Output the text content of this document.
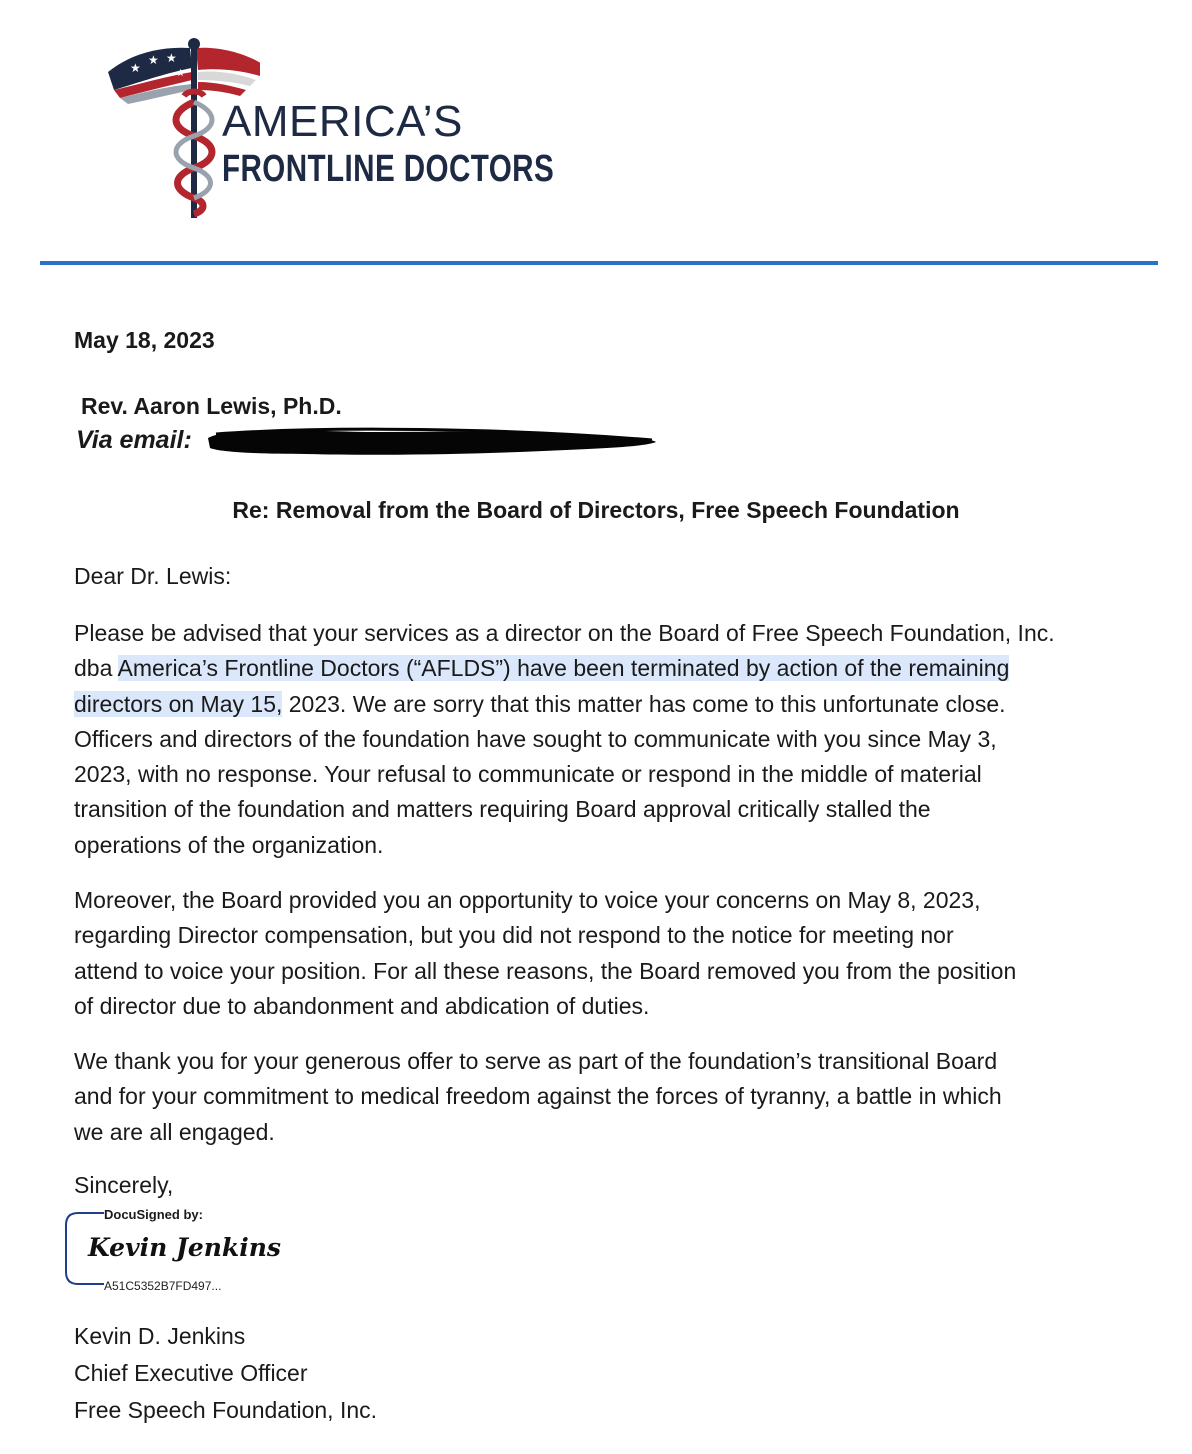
★
★ ★
★
AMERICA’S
FRONTLINE DOCTORS
May 18, 2023
Rev. Aaron Lewis, Ph.D.
Via email:
Re: Removal from the Board of Directors, Free Speech Foundation
Dear Dr. Lewis:
Please be advised that your services as a director on the Board of Free Speech Foundation, Inc.
dba America’s Frontline Doctors (“AFLDS”) have been terminated by action of the remaining
directors on May 15, 2023. We are sorry that this matter has come to this unfortunate close.
Officers and directors of the foundation have sought to communicate with you since May 3,
2023, with no response. Your refusal to communicate or respond in the middle of material
transition of the foundation and matters requiring Board approval critically stalled the
operations of the organization.
Moreover, the Board provided you an opportunity to voice your concerns on May 8, 2023,
regarding Director compensation, but you did not respond to the notice for meeting nor
attend to voice your position. For all these reasons, the Board removed you from the position
of director due to abandonment and abdication of duties.
We thank you for your generous offer to serve as part of the foundation’s transitional Board
and for your commitment to medical freedom against the forces of tyranny, a battle in which
we are all engaged.
Sincerely,
DocuSigned by:
Kevin Jenkins
A51C5352B7FD497...
Kevin D. Jenkins
Chief Executive Officer
Free Speech Foundation, Inc.
